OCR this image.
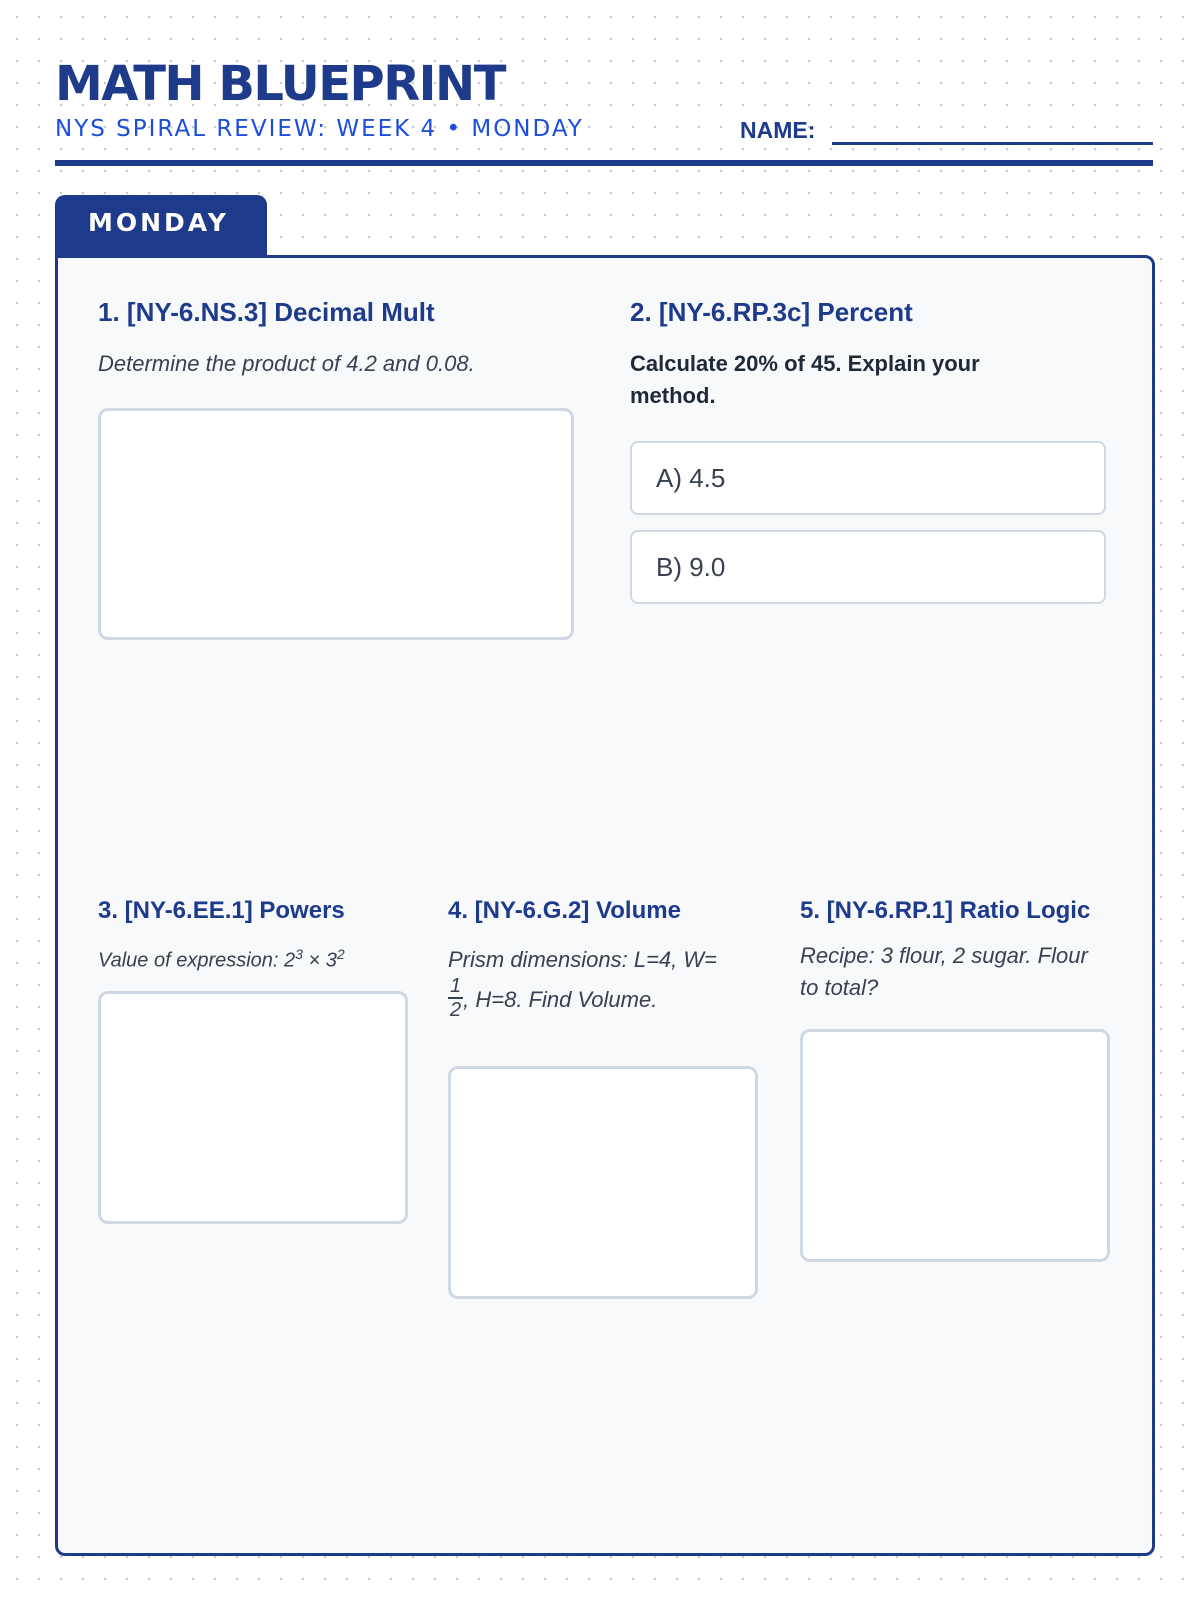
MATH BLUEPRINT
NYS SPIRAL REVIEW: WEEK 4 • MONDAY	NAME:
MONDAY
1. [NY-6.NS.3] Decimal Mult
Determine the product of 4.2 and 0.08.
2. [NY-6.RP.3c] Percent
Calculate 20% of 45. Explain your method.
A) 4.5
B) 9.0
3. [NY-6.EE.1] Powers
Value of expression: $2^3 \times 3^2$
4. [NY-6.G.2] Volume
Prism dimensions: L=4, W=

$\frac{1}{2}$ , H=8. Find Volume.
5. [NY-6.RP.1] Ratio Logic
Recipe: 3 flour, 2 sugar. Flour to total?
